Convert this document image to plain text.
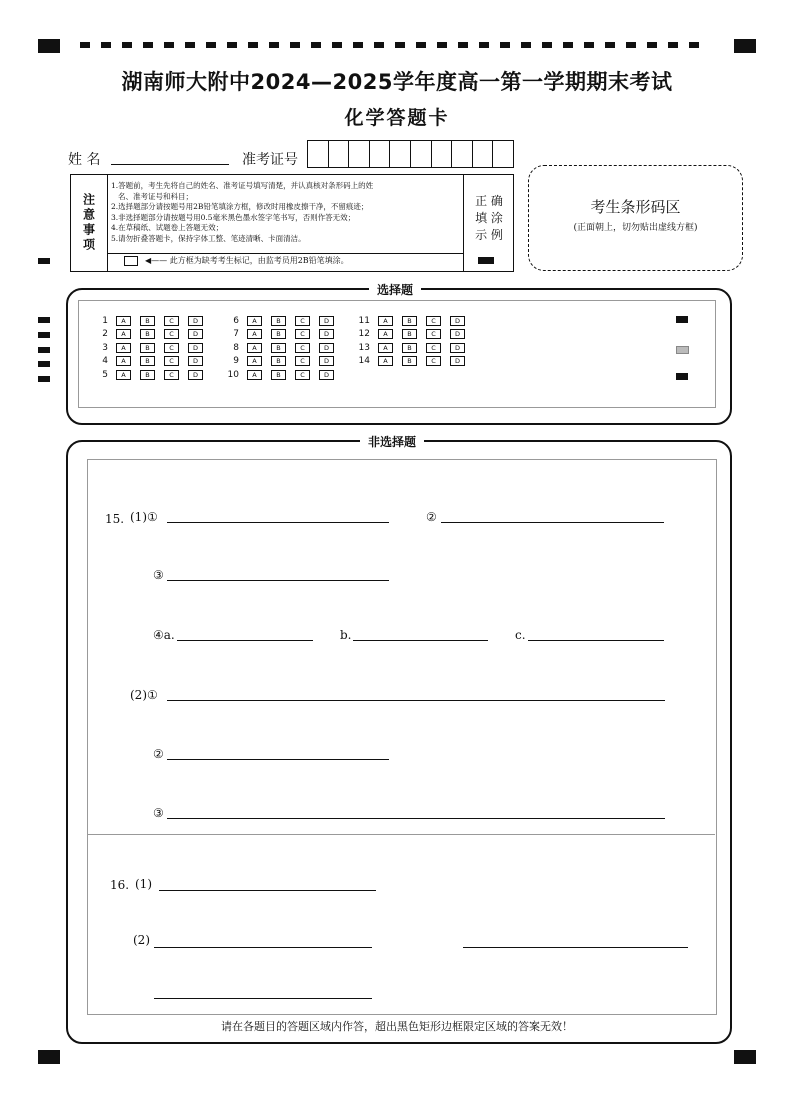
湖南师大附中2024—2025学年度高一第一学期期末考试
化学答题卡
姓 名	准考证号
注意事项
1.答题前，考生先将自己的姓名、准考证号填写清楚，并认真核对条形码上的姓
名、准考证号和科目；
2.选择题部分请按题号用2B铅笔填涂方框，修改时用橡皮擦干净，不留痕迹；
3.非选择题部分请按题号用0.5毫米黑色墨水签字笔书写，否则作答无效；
4.在草稿纸、试题卷上答题无效；
5.请勿折叠答题卡，保持字体工整、笔迹清晰、卡面清洁。
◀—— 此方框为缺考考生标记，由监考员用2B铅笔填涂。
正 确 填 涂 示 例
考生条形码区
(正面朝上，切勿贴出虚线方框)
选择题
1	A	B	C	D
2	A	B	C	D
3	A	B	C	D
4	A	B	C	D
5	A	B	C	D
6	A	B	C	D
7	A	B	C	D
8	A	B	C	D
9	A	B	C	D
10	A	B	C	D
11	A	B	C	D
12	A	B	C	D
13	A	B	C	D
14	A	B	C	D
非选择题
15. (1)①	②
③
④a.	b.	c.
(2)①
②
③
16. (1)
(2)
请在各题目的答题区域内作答，超出黑色矩形边框限定区域的答案无效！
